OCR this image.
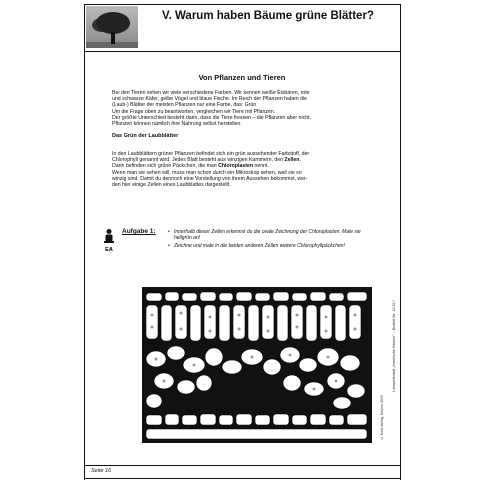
V. Warum haben Bäume grüne Blätter?
Von Pflanzen und Tieren

Bei den Tieren sehen wir viele verschiedene Farben. Wir kennen weiße Eisbären, rote

und schwarze Käfer, gelbe Vögel und blaue Fische. Im Reich der Pflanzen haben die

(Laub-) Blätter der meisten Pflanzen nur eine Farbe, das: Grün

Um die Frage oben zu beantworten, vergleichen wir Tiere mit Pflanzen.

Der größte Unterschied besteht darin, dass die Tiere fressen – die Pflanzen aber nicht.

Pflanzen können nämlich ihre Nahrung selbst herstellen.

Das Grün der Laubblätter

In den Laubblättern grüner Pflanzen befindet sich ein grün aussehender Farbstoff, der

Chlorophyll genannt wird. Jedes Blatt besteht aus winzigen Kammern, den Zellen.

Darin befinden sich grüne Päckchen, die man Chloroplasten nennt.

Wenn man sie sehen will, muss man schon durch ein Mikroskop sehen, weil sie so

winzig sind. Damit du dennoch eine Vorstellung von ihrem Aussehen bekommst, wer-

den hier einige Zellen eines Laubblattes dargestellt.

EA
Aufgabe 1:
•	Innerhalb dieser Zellen erkennst du die ovale Zeichnung der Chloroplasten. Male sie hellgrün an!
• Zeichne und male in die beiden anderen Zellen weitere Chlorophyllpäckchen!
Lernwerkstatt „Heimische Bäume" – Bestell-Nr. 10 517
© Kohl-Verlag, Kerpen 2009
Seite 16
